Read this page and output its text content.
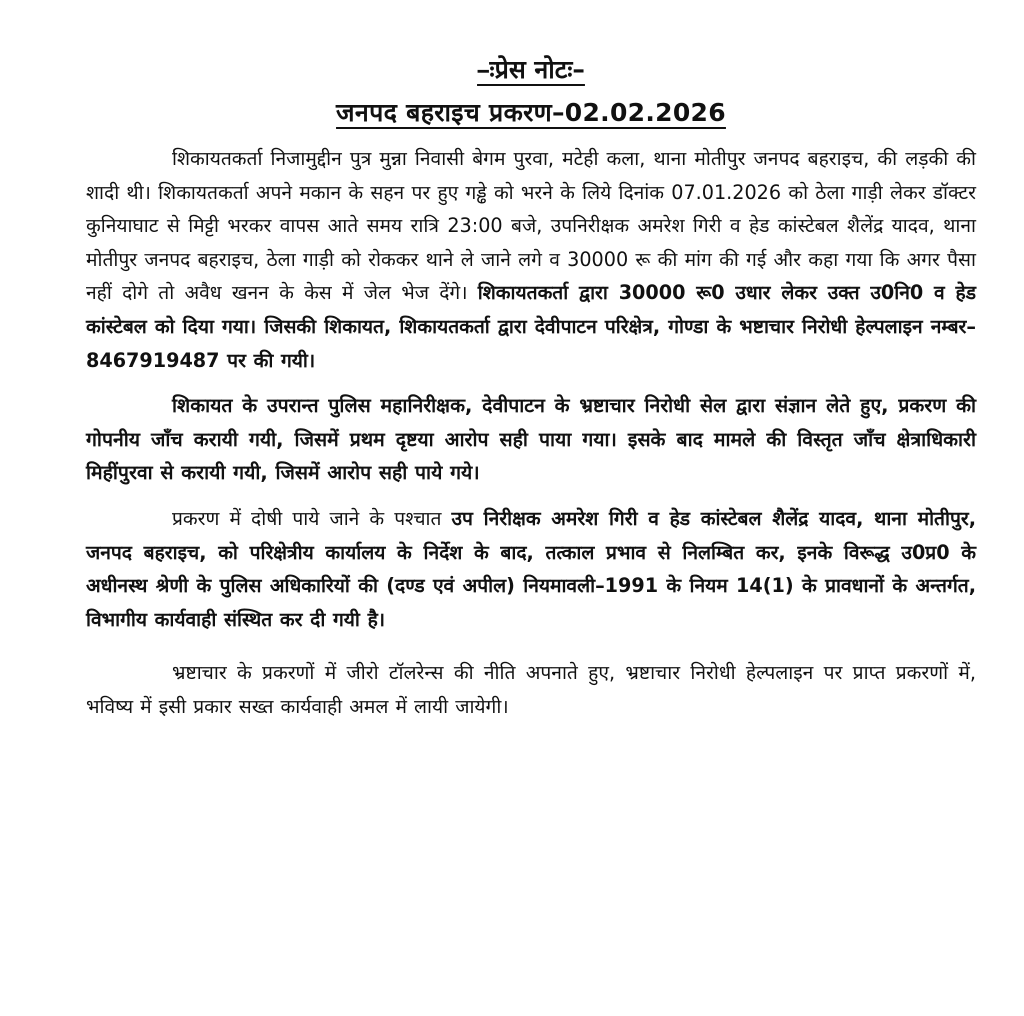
–ःप्रेस नोटः–
जनपद बहराइच प्रकरण–02.02.2026

शिकायतकर्ता निजामुद्दीन पुत्र मुन्ना निवासी बेगम पुरवा, मटेही कला, थाना मोतीपुर जनपद बहराइच, की लड़की की शादी थी। शिकायतकर्ता अपने मकान के सहन पर हुए गड्ढे को भरने के लिये दिनांक 07.01.2026 को ठेला गाड़ी लेकर डॉक्टर कुनियाघाट से मिट्टी भरकर वापस आते समय रात्रि 23:00 बजे, उपनिरीक्षक अमरेश गिरी व हेड कांस्टेबल शैलेंद्र यादव, थाना मोतीपुर जनपद बहराइच, ठेला गाड़ी को रोककर थाने ले जाने लगे व 30000 रू की मांग की गई और कहा गया कि अगर पैसा नहीं दोगे तो अवैध खनन के केस में जेल भेज देंगे। शिकायतकर्ता द्वारा 30000 रू0 उधार लेकर उक्त उ0नि0 व हेड कांस्टेबल को दिया गया। जिसकी शिकायत, शिकायतकर्ता द्वारा देवीपाटन परिक्षेत्र, गोण्डा के भष्टाचार निरोधी हेल्पलाइन नम्बर–8467919487 पर की गयी।

शिकायत के उपरान्त पुलिस महानिरीक्षक, देवीपाटन के भ्रष्टाचार निरोधी सेल द्वारा संज्ञान लेते हुए, प्रकरण की गोपनीय जाँच करायी गयी, जिसमें प्रथम दृष्टया आरोप सही पाया गया। इसके बाद मामले की विस्तृत जाँच क्षेत्राधिकारी मिहींपुरवा से करायी गयी, जिसमें आरोप सही पाये गये।

प्रकरण में दोषी पाये जाने के पश्चात उप निरीक्षक अमरेश गिरी व हेड कांस्टेबल शैलेंद्र यादव, थाना मोतीपुर, जनपद बहराइच, को परिक्षेत्रीय कार्यालय के निर्देश के बाद, तत्काल प्रभाव से निलम्बित कर, इनके विरूद्ध उ0प्र0 के अधीनस्थ श्रेणी के पुलिस अधिकारियों की (दण्ड एवं अपील) नियमावली–1991 के नियम 14(1) के प्रावधानों के अन्तर्गत, विभागीय कार्यवाही संस्थित कर दी गयी है।

भ्रष्टाचार के प्रकरणों में जीरो टॉलरेन्स की नीति अपनाते हुए, भ्रष्टाचार निरोधी हेल्पलाइन पर प्राप्त प्रकरणों में, भविष्य में इसी प्रकार सख्त कार्यवाही अमल में लायी जायेगी।
